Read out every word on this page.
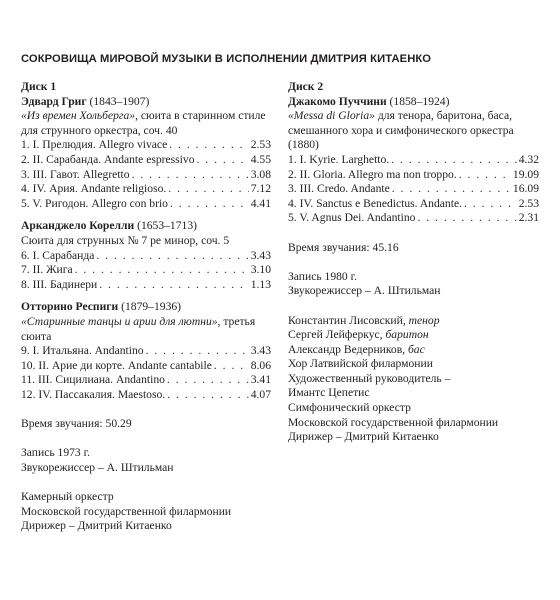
СОКРОВИЩА МИРОВОЙ МУЗЫКИ В ИСПОЛНЕНИИ ДМИТРИЯ КИТАЕНКО
Диск 1
Эдвард Григ (1843–1907)
«Из времен Хольберга», сюита в старинном стиле для струнного оркестра, соч. 40
1. I. Прелюдия. Allegro vivace . . .	2.53
2. II. Сарабанда. Andante espressivo . . .	4.55
3. III. Гавот. Allegretto . . .	3.08
4. IV. Ария. Andante religioso. . . .	7.12
5. V. Ригодон. Allegro con brio . . .	4.41
Арканджело Корелли (1653–1713)
Сюита для струнных № 7 ре минор, соч. 5
6. I. Сарабанда . . .	3.43
7. II. Жига . . .	3.10
8. III. Бадинери . . .	1.13
Отторино Респиги (1879–1936)
«Старинные танцы и арии для лютни», третья сюита
9. I. Итальяна. Andantino . . .	3.43
10. II. Арие ди корте. Andante cantabile . . .	8.06
11. III. Сицилиана. Andantino . . .	3.41
12. IV. Пассакалия. Maestoso. . . .	4.07
Время звучания: 50.29
Запись 1973 г.
Звукорежиссер – А. Штильман
Камерный оркестр
Московской государственной филармонии
Дирижер – Дмитрий Китаенко
Диск 2
Джакомо Пуччини (1858–1924)
«Messa di Gloria» для тенора, баритона, баса, смешанного хора и симфонического оркестра (1880)
1. I. Kyrie. Larghetto. . . .	4.32
2. II. Gloria. Allegro ma non troppo. . . .	19.09
3. III. Credo. Andante . . .	16.09
4. IV. Sanctus e Benedictus. Andante. . . .	2.53
5. V. Agnus Dei. Andantino . . .	2.31
Время звучания: 45.16
Запись 1980 г.
Звукорежиссер – А. Штильман
Константин Лисовский, тенор
Сергей Лейферкус, баритон
Александр Ведерников, бас
Хор Латвийской филармонии
Художественный руководитель –
Имантс Цепетис
Симфонический оркестр
Московской государственной филармонии
Дирижер – Дмитрий Китаенко
